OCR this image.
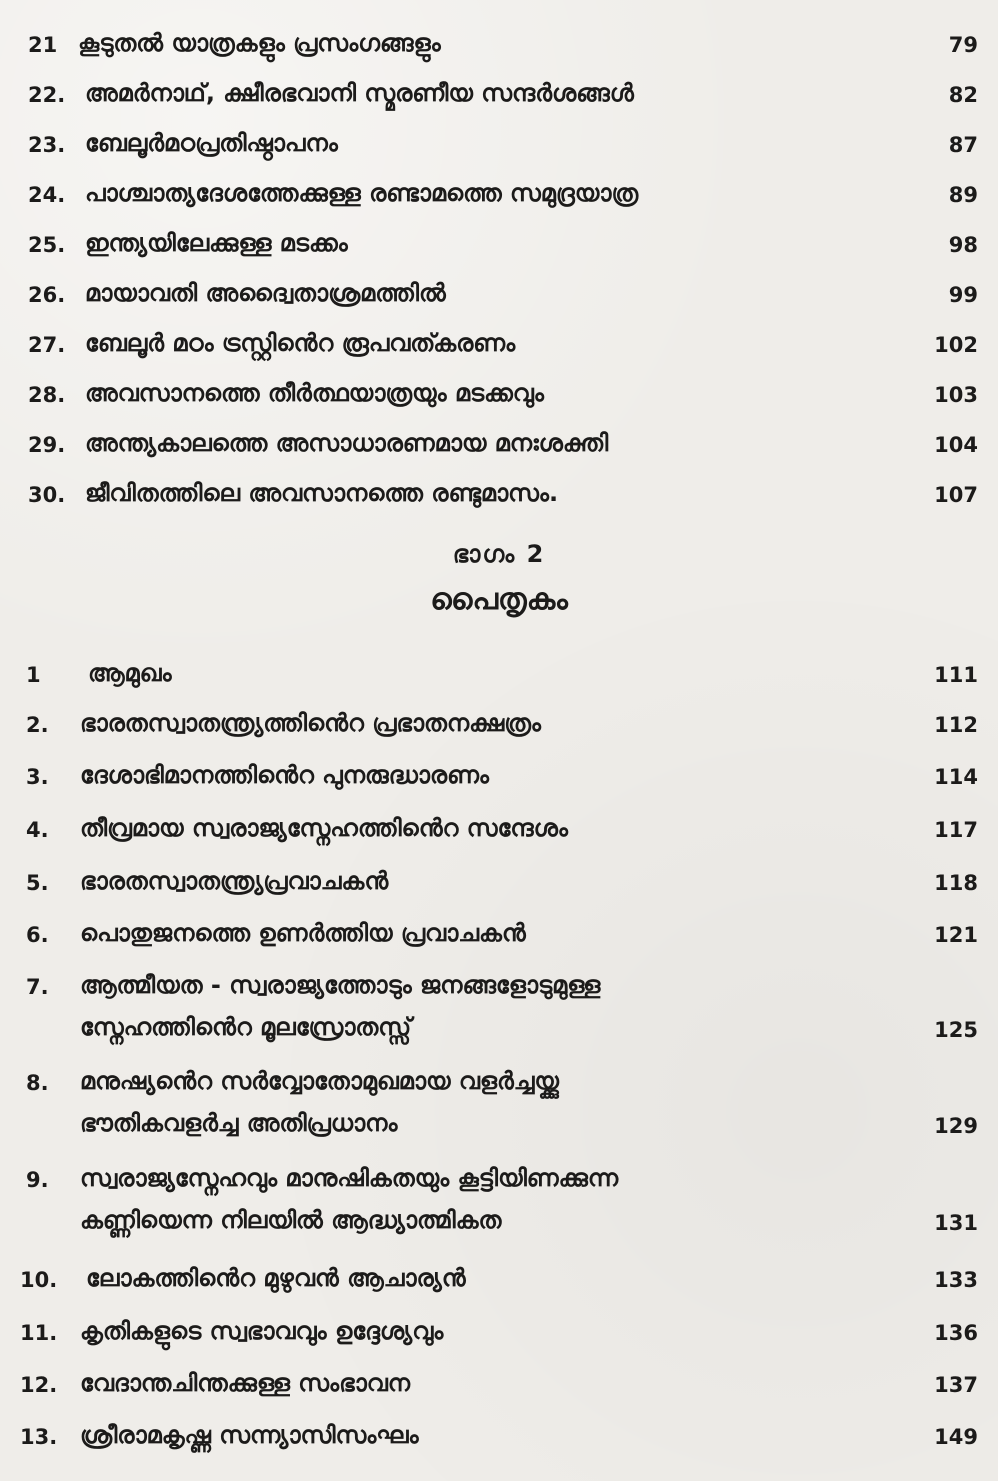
21 കൂടുതൽ യാത്രകളും പ്രസംഗങ്ങളും	79
22. അമർനാഥ്, ക്ഷീരഭവാനി സ്മരണീയ സന്ദർശങ്ങൾ	82
23. ബേലൂർമഠപ്രതിഷ്ഠാപനം	87
24. പാശ്ചാത്യദേശത്തേക്കുള്ള രണ്ടാമത്തെ സമുദ്രയാത്ര	89
25. ഇന്ത്യയിലേക്കുള്ള മടക്കം	98
26. മായാവതി അദ്വൈതാശ്രമത്തിൽ	99
27. ബേലൂർ മഠം ട്രസ്റ്റിൻെറ രൂപവത്കരണം	102
28. അവസാനത്തെ തീർത്ഥയാത്രയും മടക്കവും	103
29. അന്ത്യകാലത്തെ അസാധാരണമായ മനഃശക്തി	104
30. ജീവിതത്തിലെ അവസാനത്തെ രണ്ടുമാസം.	107
ഭാഗം 2
പൈതൃകം
1 ആമുഖം	111
2. ഭാരതസ്വാതന്ത്ര്യത്തിൻെറ പ്രഭാതനക്ഷത്രം	112
3. ദേശാഭിമാനത്തിൻെറ പുനരുദ്ധാരണം	114
4. തീവ്രമായ സ്വരാജ്യസ്നേഹത്തിൻെറ സന്ദേശം	117
5. ഭാരതസ്വാതന്ത്ര്യപ്രവാചകൻ	118
6. പൊതുജനത്തെ ഉണർത്തിയ പ്രവാചകൻ	121
7. ആത്മീയത - സ്വരാജ്യത്തോടും ജനങ്ങളോടുമുള്ള
സ്നേഹത്തിൻെറ മൂലസ്രോതസ്സ്	125
8. മനുഷ്യൻെറ സർവ്വോതോമുഖമായ വളർച്ചയ്ക്കു
ഭൗതികവളർച്ച അതിപ്രധാനം	129
9. സ്വരാജ്യസ്നേഹവും മാനുഷികതയും കൂട്ടിയിണക്കുന്ന
കണ്ണിയെന്ന നിലയിൽ ആദ്ധ്യാത്മികത	131
10. ലോകത്തിൻെറ മുഴുവൻ ആചാര്യൻ	133
11. കൃതികളുടെ സ്വഭാവവും ഉദ്ദേശ്യവും	136
12. വേദാന്തചിന്തക്കുള്ള സംഭാവന	137
13. ശ്രീരാമകൃഷ്ണ സന്ന്യാസിസംഘം	149
